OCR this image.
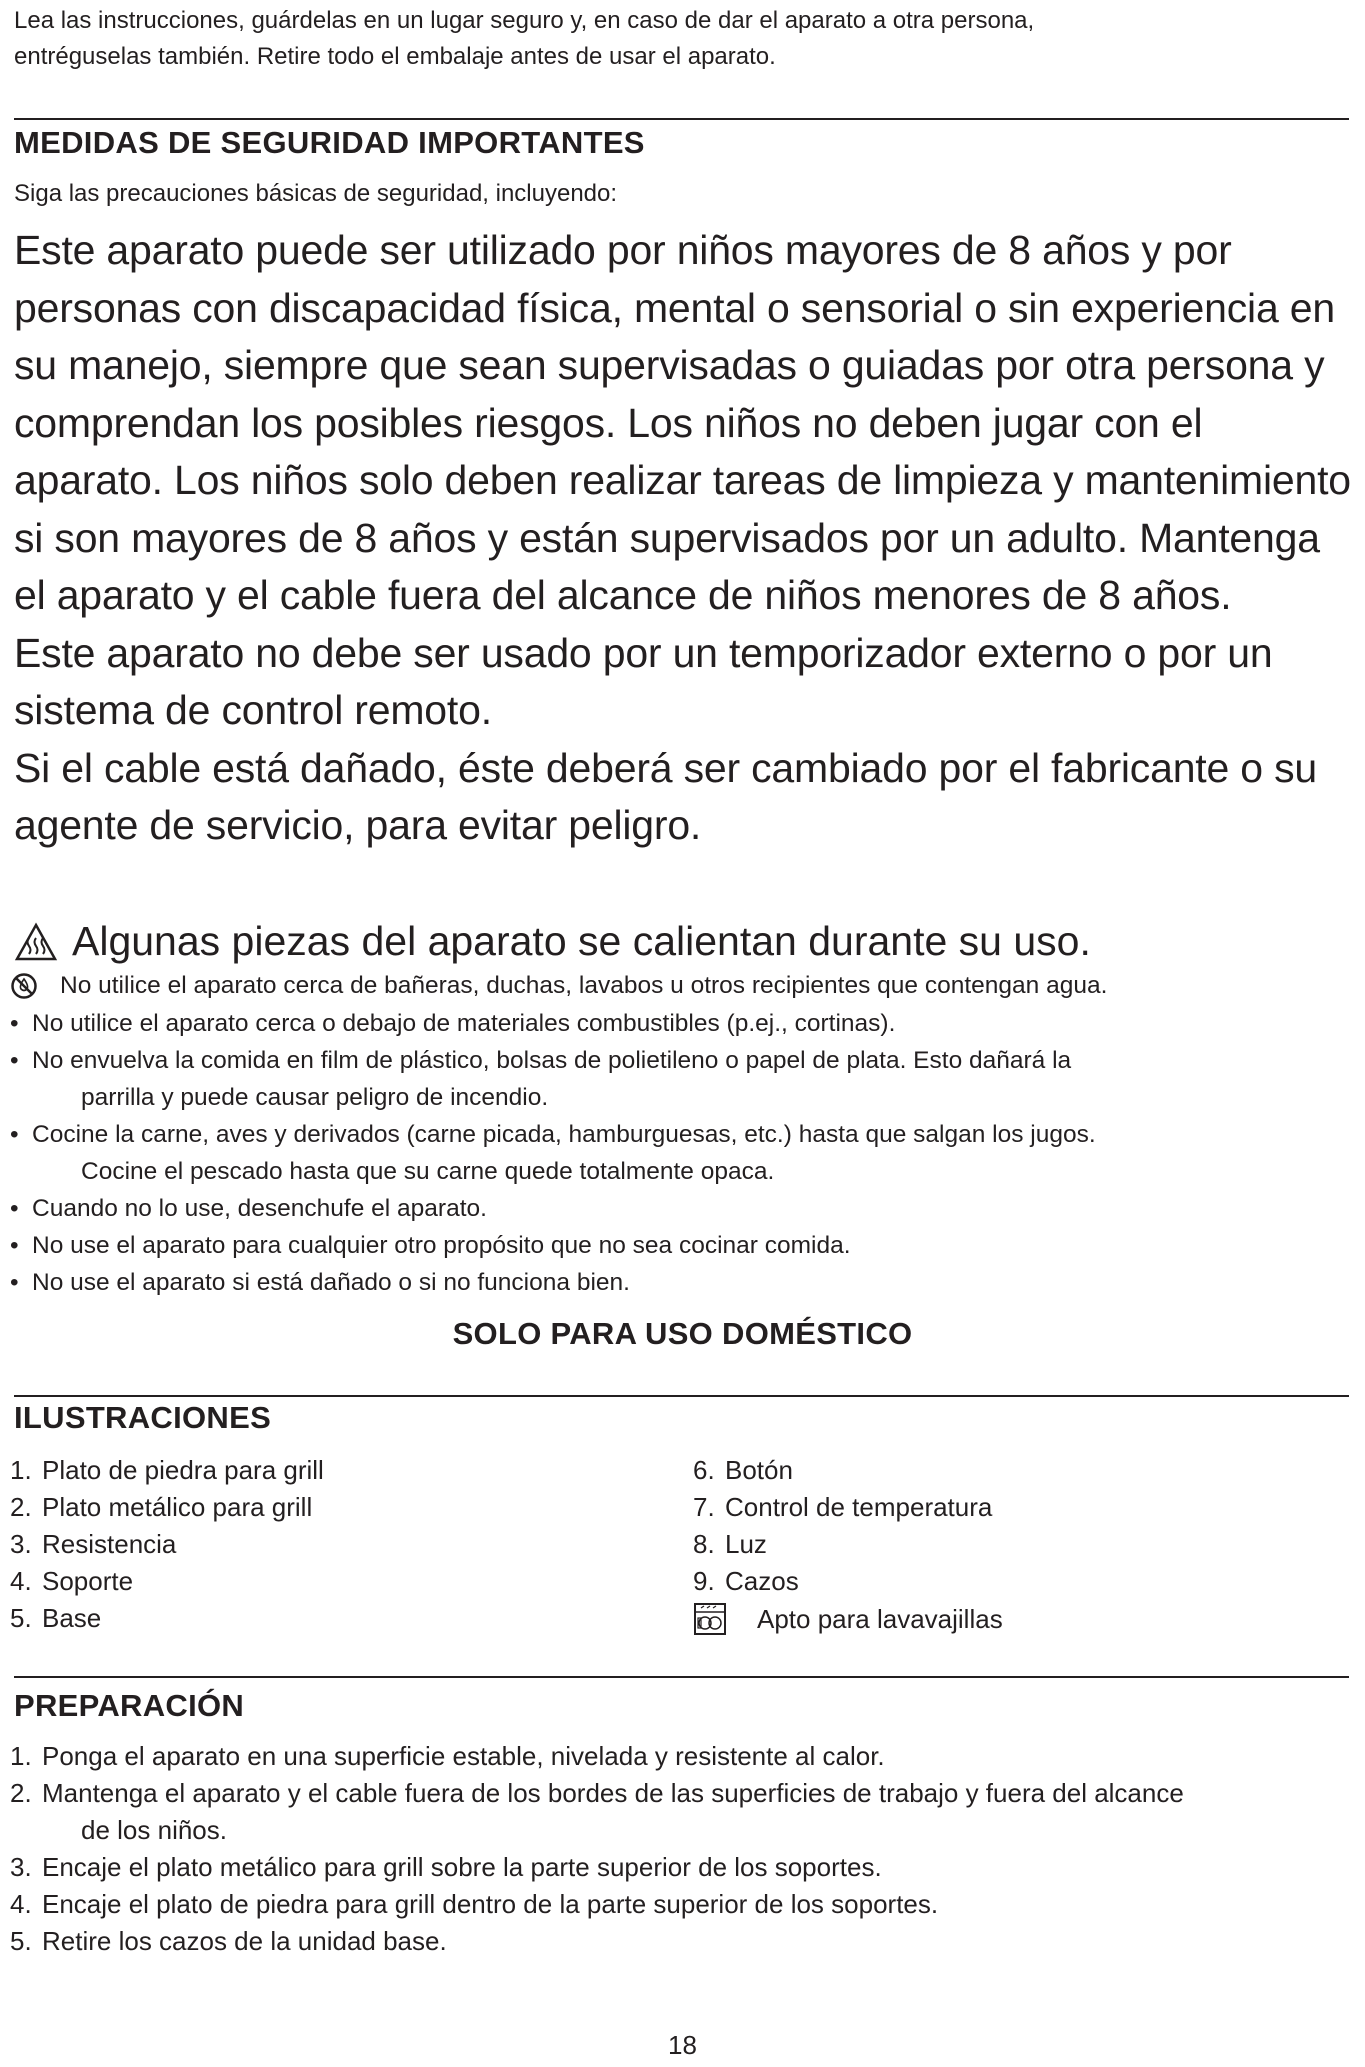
Lea las instrucciones, guárdelas en un lugar seguro y, en caso de dar el aparato a otra persona,
entréguselas también. Retire todo el embalaje antes de usar el aparato.
MEDIDAS DE SEGURIDAD IMPORTANTES
Siga las precauciones básicas de seguridad, incluyendo:

Este aparato puede ser utilizado por niños mayores de 8 años y por personas con discapacidad física, mental o sensorial o sin experiencia en su manejo, siempre que sean supervisadas o guiadas por otra persona y comprendan los posibles riesgos. Los niños no deben jugar con el aparato. Los niños solo deben realizar tareas de limpieza y mantenimiento si son mayores de 8 años y están supervisados por un adulto. Mantenga el aparato y el cable fuera del alcance de niños menores de 8 años.

Este aparato no debe ser usado por un temporizador externo o por un sistema de control remoto.

Si el cable está dañado, éste deberá ser cambiado por el fabricante o su agente de servicio, para evitar peligro.

Algunas piezas del aparato se calientan durante su uso.
No utilice el aparato cerca de bañeras, duchas, lavabos u otros recipientes que contengan agua.
• No utilice el aparato cerca o debajo de materiales combustibles (p.ej., cortinas).
• No envuelva la comida en film de plástico, bolsas de polietileno o papel de plata. Esto dañará la
parrilla y puede causar peligro de incendio.
• Cocine la carne, aves y derivados (carne picada, hamburguesas, etc.) hasta que salgan los jugos.
Cocine el pescado hasta que su carne quede totalmente opaca.
• Cuando no lo use, desenchufe el aparato.
• No use el aparato para cualquier otro propósito que no sea cocinar comida.
• No use el aparato si está dañado o si no funciona bien.
SOLO PARA USO DOMÉSTICO
ILUSTRACIONES
1. Plato de piedra para grill
2. Plato metálico para grill
3. Resistencia
4. Soporte
5. Base
6. Botón
7. Control de temperatura
8. Luz
9. Cazos
Apto para lavavajillas
PREPARACIÓN
1. Ponga el aparato en una superficie estable, nivelada y resistente al calor.
2. Mantenga el aparato y el cable fuera de los bordes de las superficies de trabajo y fuera del alcance
de los niños.
3. Encaje el plato metálico para grill sobre la parte superior de los soportes.
4. Encaje el plato de piedra para grill dentro de la parte superior de los soportes.
5. Retire los cazos de la unidad base.
18
